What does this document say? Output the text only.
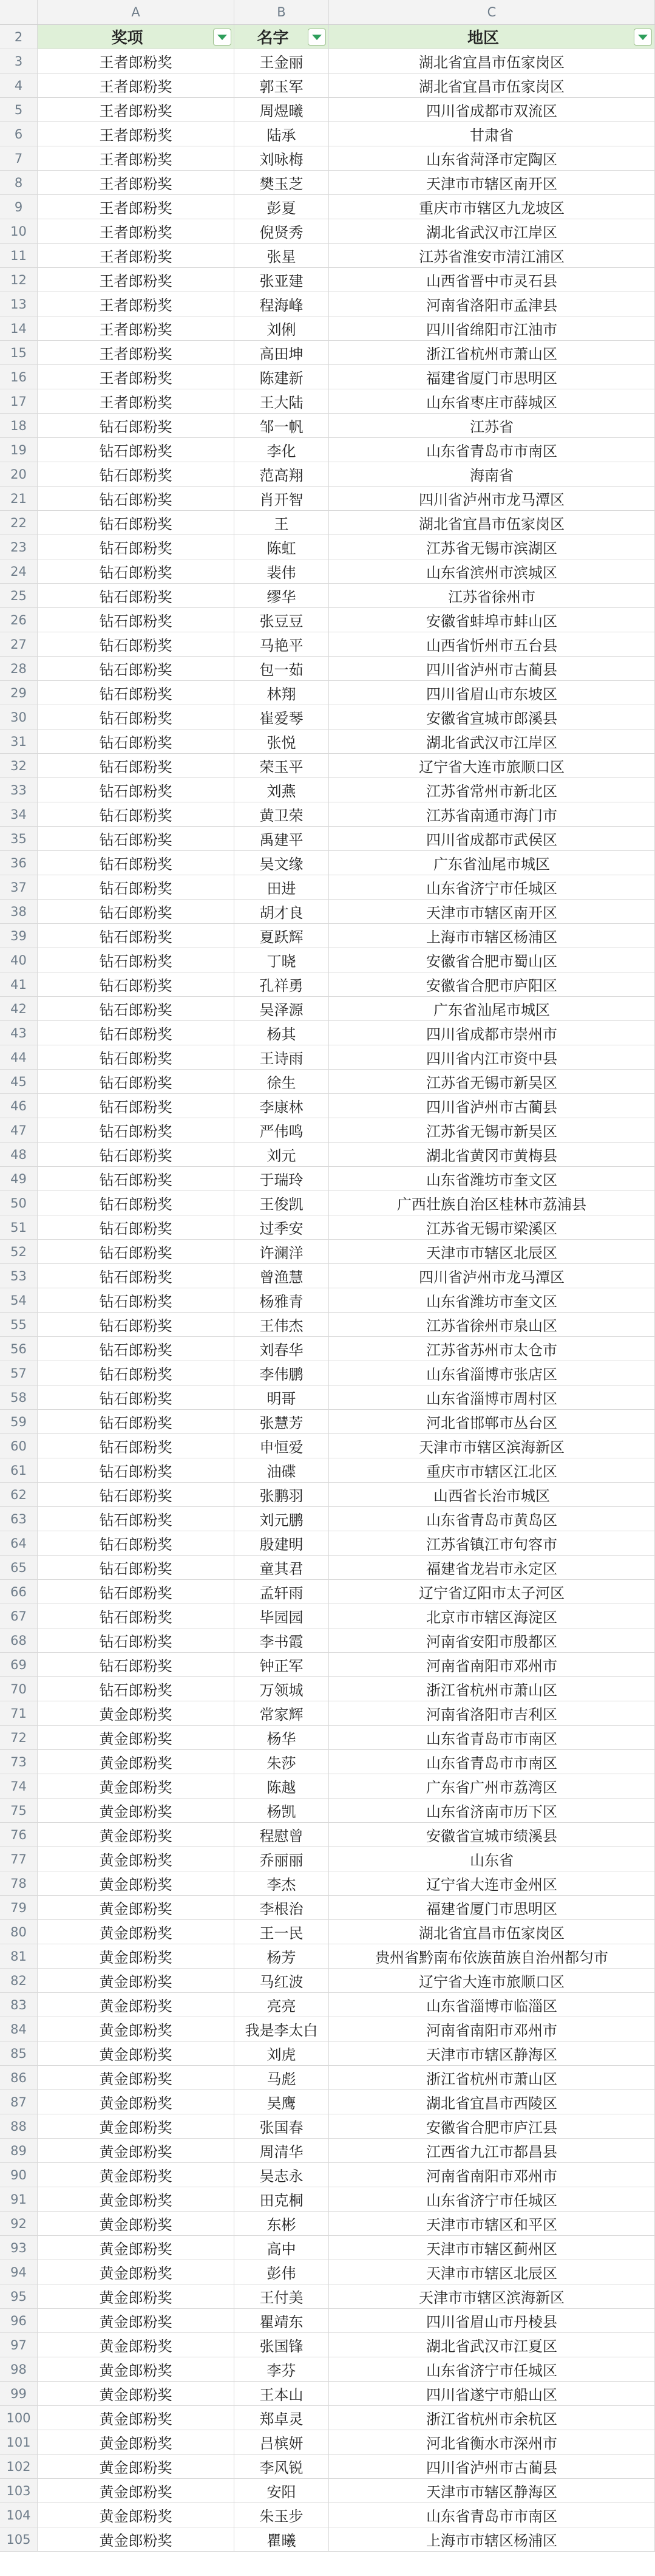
A	B	C
2	奖项	名字	地区
3	王者郎粉奖	王金丽	湖北省宜昌市伍家岗区
4	王者郎粉奖	郭玉军	湖北省宜昌市伍家岗区
5	王者郎粉奖	周煜曦	四川省成都市双流区
6	王者郎粉奖	陆承	甘肃省
7	王者郎粉奖	刘咏梅	山东省菏泽市定陶区
8	王者郎粉奖	樊玉芝	天津市市辖区南开区
9	王者郎粉奖	彭夏	重庆市市辖区九龙坡区
10	王者郎粉奖	倪贤秀	湖北省武汉市江岸区
11	王者郎粉奖	张星	江苏省淮安市清江浦区
12	王者郎粉奖	张亚建	山西省晋中市灵石县
13	王者郎粉奖	程海峰	河南省洛阳市孟津县
14	王者郎粉奖	刘俐	四川省绵阳市江油市
15	王者郎粉奖	高田坤	浙江省杭州市萧山区
16	王者郎粉奖	陈建新	福建省厦门市思明区
17	王者郎粉奖	王大陆	山东省枣庄市薛城区
18	钻石郎粉奖	邹一帆	江苏省
19	钻石郎粉奖	李化	山东省青岛市市南区
20	钻石郎粉奖	范高翔	海南省
21	钻石郎粉奖	肖开智	四川省泸州市龙马潭区
22	钻石郎粉奖	王	湖北省宜昌市伍家岗区
23	钻石郎粉奖	陈虹	江苏省无锡市滨湖区
24	钻石郎粉奖	裴伟	山东省滨州市滨城区
25	钻石郎粉奖	缪华	江苏省徐州市
26	钻石郎粉奖	张豆豆	安徽省蚌埠市蚌山区
27	钻石郎粉奖	马艳平	山西省忻州市五台县
28	钻石郎粉奖	包一茹	四川省泸州市古蔺县
29	钻石郎粉奖	林翔	四川省眉山市东坡区
30	钻石郎粉奖	崔爱琴	安徽省宣城市郎溪县
31	钻石郎粉奖	张悦	湖北省武汉市江岸区
32	钻石郎粉奖	荣玉平	辽宁省大连市旅顺口区
33	钻石郎粉奖	刘燕	江苏省常州市新北区
34	钻石郎粉奖	黄卫荣	江苏省南通市海门市
35	钻石郎粉奖	禹建平	四川省成都市武侯区
36	钻石郎粉奖	吴文缘	广东省汕尾市城区
37	钻石郎粉奖	田进	山东省济宁市任城区
38	钻石郎粉奖	胡才良	天津市市辖区南开区
39	钻石郎粉奖	夏跃辉	上海市市辖区杨浦区
40	钻石郎粉奖	丁晓	安徽省合肥市蜀山区
41	钻石郎粉奖	孔祥勇	安徽省合肥市庐阳区
42	钻石郎粉奖	吴泽源	广东省汕尾市城区
43	钻石郎粉奖	杨其	四川省成都市崇州市
44	钻石郎粉奖	王诗雨	四川省内江市资中县
45	钻石郎粉奖	徐生	江苏省无锡市新吴区
46	钻石郎粉奖	李康林	四川省泸州市古蔺县
47	钻石郎粉奖	严伟鸣	江苏省无锡市新吴区
48	钻石郎粉奖	刘元	湖北省黄冈市黄梅县
49	钻石郎粉奖	于瑞玲	山东省潍坊市奎文区
50	钻石郎粉奖	王俊凯	广西壮族自治区桂林市荔浦县
51	钻石郎粉奖	过季安	江苏省无锡市梁溪区
52	钻石郎粉奖	许澜洋	天津市市辖区北辰区
53	钻石郎粉奖	曾渔慧	四川省泸州市龙马潭区
54	钻石郎粉奖	杨雅青	山东省潍坊市奎文区
55	钻石郎粉奖	王伟杰	江苏省徐州市泉山区
56	钻石郎粉奖	刘春华	江苏省苏州市太仓市
57	钻石郎粉奖	李伟鹏	山东省淄博市张店区
58	钻石郎粉奖	明哥	山东省淄博市周村区
59	钻石郎粉奖	张慧芳	河北省邯郸市丛台区
60	钻石郎粉奖	申恒爱	天津市市辖区滨海新区
61	钻石郎粉奖	油碟	重庆市市辖区江北区
62	钻石郎粉奖	张鹏羽	山西省长治市城区
63	钻石郎粉奖	刘元鹏	山东省青岛市黄岛区
64	钻石郎粉奖	殷建明	江苏省镇江市句容市
65	钻石郎粉奖	童其君	福建省龙岩市永定区
66	钻石郎粉奖	孟轩雨	辽宁省辽阳市太子河区
67	钻石郎粉奖	毕园园	北京市市辖区海淀区
68	钻石郎粉奖	李书霞	河南省安阳市殷都区
69	钻石郎粉奖	钟正军	河南省南阳市邓州市
70	钻石郎粉奖	万领城	浙江省杭州市萧山区
71	黄金郎粉奖	常家辉	河南省洛阳市吉利区
72	黄金郎粉奖	杨华	山东省青岛市市南区
73	黄金郎粉奖	朱莎	山东省青岛市市南区
74	黄金郎粉奖	陈越	广东省广州市荔湾区
75	黄金郎粉奖	杨凯	山东省济南市历下区
76	黄金郎粉奖	程慰曾	安徽省宣城市绩溪县
77	黄金郎粉奖	乔丽丽	山东省
78	黄金郎粉奖	李杰	辽宁省大连市金州区
79	黄金郎粉奖	李根治	福建省厦门市思明区
80	黄金郎粉奖	王一民	湖北省宜昌市伍家岗区
81	黄金郎粉奖	杨芳	贵州省黔南布依族苗族自治州都匀市
82	黄金郎粉奖	马红波	辽宁省大连市旅顺口区
83	黄金郎粉奖	亮亮	山东省淄博市临淄区
84	黄金郎粉奖	我是李太白	河南省南阳市邓州市
85	黄金郎粉奖	刘虎	天津市市辖区静海区
86	黄金郎粉奖	马彪	浙江省杭州市萧山区
87	黄金郎粉奖	吴鹰	湖北省宜昌市西陵区
88	黄金郎粉奖	张国春	安徽省合肥市庐江县
89	黄金郎粉奖	周清华	江西省九江市都昌县
90	黄金郎粉奖	吴志永	河南省南阳市邓州市
91	黄金郎粉奖	田克桐	山东省济宁市任城区
92	黄金郎粉奖	东彬	天津市市辖区和平区
93	黄金郎粉奖	高中	天津市市辖区蓟州区
94	黄金郎粉奖	彭伟	天津市市辖区北辰区
95	黄金郎粉奖	王付美	天津市市辖区滨海新区
96	黄金郎粉奖	瞿靖东	四川省眉山市丹棱县
97	黄金郎粉奖	张国锋	湖北省武汉市江夏区
98	黄金郎粉奖	李芬	山东省济宁市任城区
99	黄金郎粉奖	王本山	四川省遂宁市船山区
100	黄金郎粉奖	郑卓灵	浙江省杭州市余杭区
101	黄金郎粉奖	吕槟妍	河北省衡水市深州市
102	黄金郎粉奖	李风锐	四川省泸州市古蔺县
103	黄金郎粉奖	安阳	天津市市辖区静海区
104	黄金郎粉奖	朱玉步	山东省青岛市市南区
105	黄金郎粉奖	瞿曦	上海市市辖区杨浦区
